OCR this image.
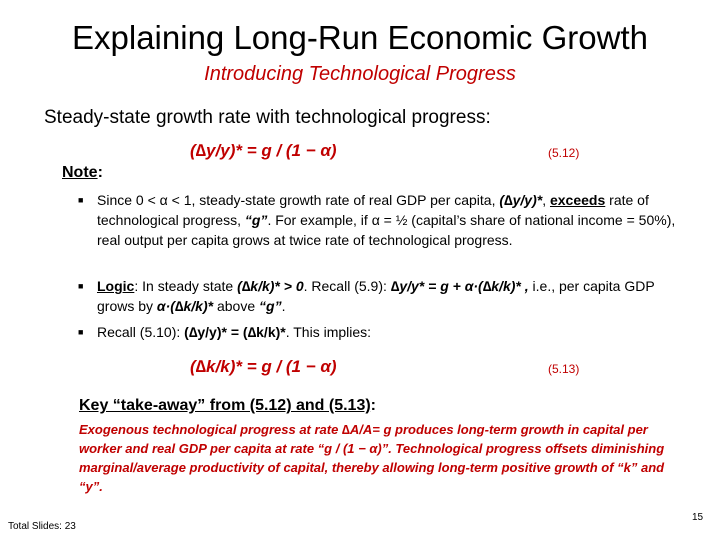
Explaining Long-Run Economic Growth
Introducing Technological Progress
Steady-state growth rate with technological progress:
(∆y/y)* = g / (1 − α)	(5.12)
Note:
■ Since 0 < α < 1, steady-state growth rate of real GDP per capita, (∆y/y)*, exceeds rate of technological progress, “g”. For example, if α = ½ (capital’s share of national income = 50%), real output per capita grows at twice rate of technological progress.
■ Logic: In steady state (∆k/k)* > 0. Recall (5.9): ∆y/y* = g + α·(∆k/k)* , i.e., per capita GDP grows by α·(∆k/k)* above “g”.
■ Recall (5.10): (∆y/y)* = (∆k/k)*. This implies:
(∆k/k)* = g / (1 − α)	(5.13)
Key “take-away” from (5.12) and (5.13):
Exogenous technological progress at rate ∆A/A= g produces long-term growth in capital per worker and real GDP per capita at rate “g / (1 − α)”. Technological progress offsets diminishing marginal/average productivity of capital, thereby allowing long-term positive growth of “k” and “y”.
Total Slides: 23
15
